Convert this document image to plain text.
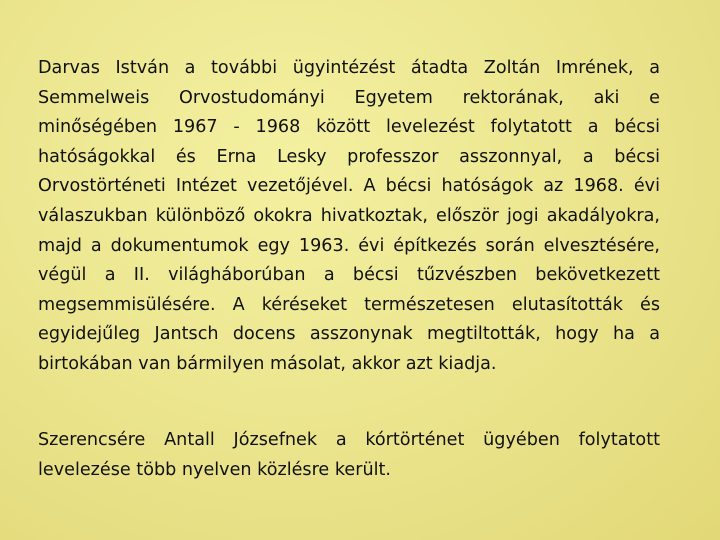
Darvas István a további ügyintézést átadta Zoltán Imrének, a Semmelweis Orvostudományi Egyetem rektorának, aki e minőségében 1967 - 1968 között levelezést folytatott a bécsi hatóságokkal és Erna Lesky professzor asszonnyal, a bécsi Orvostörténeti Intézet vezetőjével. A bécsi hatóságok az 1968. évi válaszukban különböző okokra hivatkoztak, először jogi akadályokra, majd a dokumentumok egy 1963. évi építkezés során elvesztésére, végül a II. világháborúban a bécsi tűzvészben bekövetkezett megsemmisülésére. A kéréseket természetesen elutasították és egyidejűleg Jantsch docens asszonynak megtiltották, hogy ha a birtokában van bármilyen másolat, akkor azt kiadja.

Szerencsére Antall Józsefnek a kórtörténet ügyében folytatott levelezése több nyelven közlésre került.
